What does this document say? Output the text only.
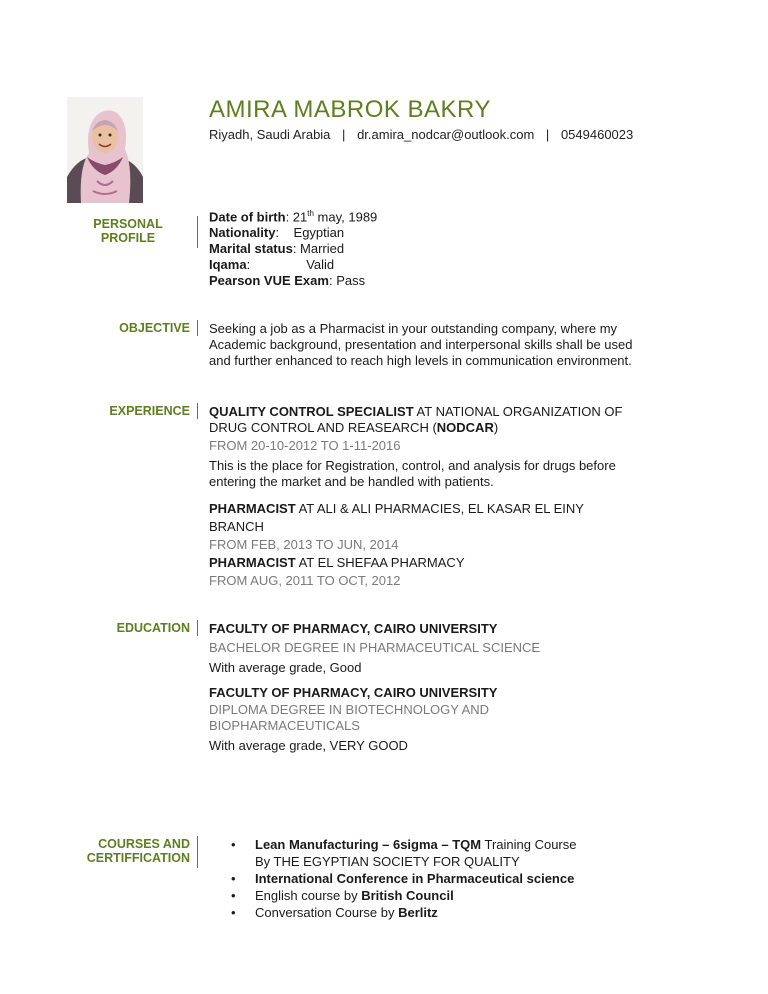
AMIRA MABROK BAKRY
Riyadh, Saudi Arabia | dr.amira_nodcar@outlook.com | 0549460023
PERSONAL
PROFILE
Date of birth: 21th may, 1989
Nationality:    Egyptian
Marital status: Married
Iqama:	Valid
Pearson VUE Exam: Pass
OBJECTIVE Seeking a job as a Pharmacist in your outstanding company, where my
Academic background, presentation and interpersonal skills shall be used
and further enhanced to reach high levels in communication environment.
EXPERIENCE QUALITY CONTROL SPECIALIST AT NATIONAL ORGANIZATION OF
DRUG CONTROL AND REASEARCH (NODCAR)
FROM 20-10-2012 TO 1-11-2016
This is the place for Registration, control, and analysis for drugs before
entering the market and be handled with patients.
PHARMACIST AT ALI & ALI PHARMACIES, EL KASAR EL EINY
BRANCH
FROM FEB, 2013 TO JUN, 2014
PHARMACIST AT EL SHEFAA PHARMACY
FROM AUG, 2011 TO OCT, 2012
EDUCATION FACULTY OF PHARMACY, CAIRO UNIVERSITY
BACHELOR DEGREE IN PHARMACEUTICAL SCIENCE
With average grade, Good
FACULTY OF PHARMACY, CAIRO UNIVERSITY
DIPLOMA DEGREE IN BIOTECHNOLOGY AND
BIOPHARMACEUTICALS
With average grade, VERY GOOD
COURSES AND
CERTIFFICATION
• Lean Manufacturing – 6sigma – TQM Training Course
By THE EGYPTIAN SOCIETY FOR QUALITY
• International Conference in Pharmaceutical science
• English course by British Council
• Conversation Course by Berlitz
